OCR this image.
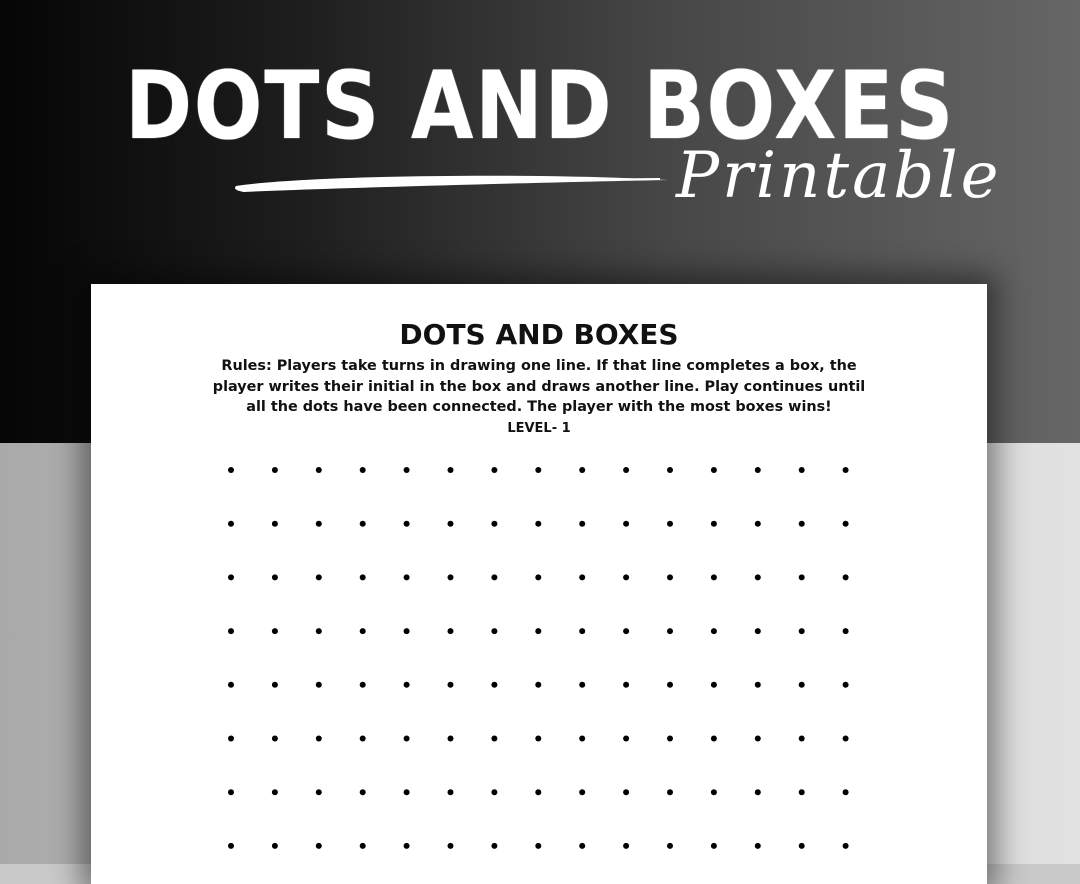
DOTS AND BOXES
Printable
DOTS AND BOXES

Rules: Players take turns in drawing one line. If that line completes a box, the player writes their initial in the box and draws another line. Play continues until all the dots have been connected. The player with the most boxes wins!

LEVEL- 1
